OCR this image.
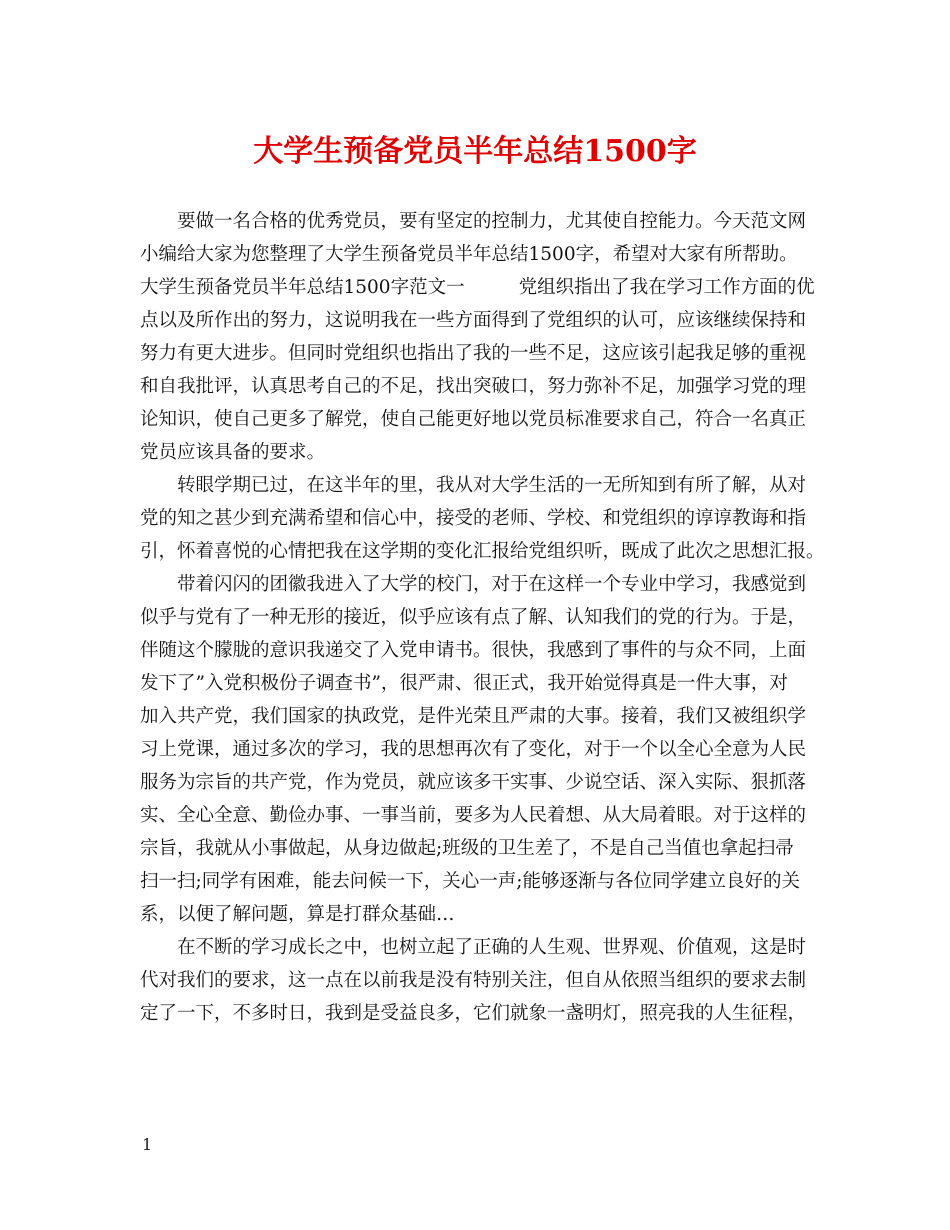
大学生预备党员半年总结1500字
要做一名合格的优秀党员，要有坚定的控制力，尤其使自控能力。今天范文网
小编给大家为您整理了大学生预备党员半年总结1500字，希望对大家有所帮助。
大学生预备党员半年总结1500字范文一	党组织指出了我在学习工作方面的优
点以及所作出的努力，这说明我在一些方面得到了党组织的认可，应该继续保持和
努力有更大进步。但同时党组织也指出了我的一些不足，这应该引起我足够的重视
和自我批评，认真思考自己的不足，找出突破口，努力弥补不足，加强学习党的理
论知识，使自己更多了解党，使自己能更好地以党员标准要求自己，符合一名真正
党员应该具备的要求。
转眼学期已过，在这半年的里，我从对大学生活的一无所知到有所了解，从对
党的知之甚少到充满希望和信心中，接受的老师、学校、和党组织的谆谆教诲和指
引，怀着喜悦的心情把我在这学期的变化汇报给党组织听，既成了此次之思想汇报。
带着闪闪的团徽我进入了大学的校门，对于在这样一个专业中学习，我感觉到
似乎与党有了一种无形的接近，似乎应该有点了解、认知我们的党的行为。于是，
伴随这个朦胧的意识我递交了入党申请书。很快，我感到了事件的与众不同，上面
发下了”入党积极份子调查书”，很严肃、很正式，我开始觉得真是一件大事，对
加入共产党，我们国家的执政党，是件光荣且严肃的大事。接着，我们又被组织学
习上党课，通过多次的学习，我的思想再次有了变化，对于一个以全心全意为人民
服务为宗旨的共产党，作为党员，就应该多干实事、少说空话、深入实际、狠抓落
实、全心全意、勤俭办事、一事当前，要多为人民着想、从大局着眼。对于这样的
宗旨，我就从小事做起，从身边做起;班级的卫生差了，不是自己当值也拿起扫帚
扫一扫;同学有困难，能去问候一下，关心一声;能够逐渐与各位同学建立良好的关
系，以便了解问题，算是打群众基础…
在不断的学习成长之中，也树立起了正确的人生观、世界观、价值观，这是时
代对我们的要求，这一点在以前我是没有特别关注，但自从依照当组织的要求去制
定了一下，不多时日，我到是受益良多，它们就象一盏明灯，照亮我的人生征程，
1
